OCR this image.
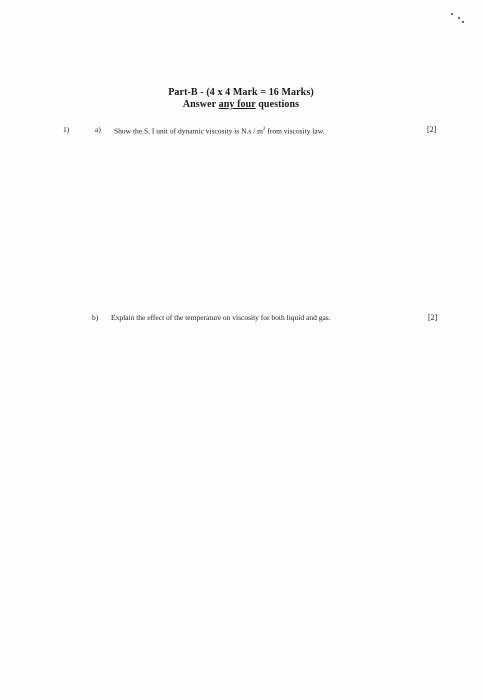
Part-B - (4 x 4 Mark = 16 Marks)
Answer any four questions
1)	a) Show the S. I unit of dynamic viscosity is $N.s / m^2$ from viscosity law.	[2]
b) Explain the effect of the temperature on viscosity for both liquid and gas.	[2]
